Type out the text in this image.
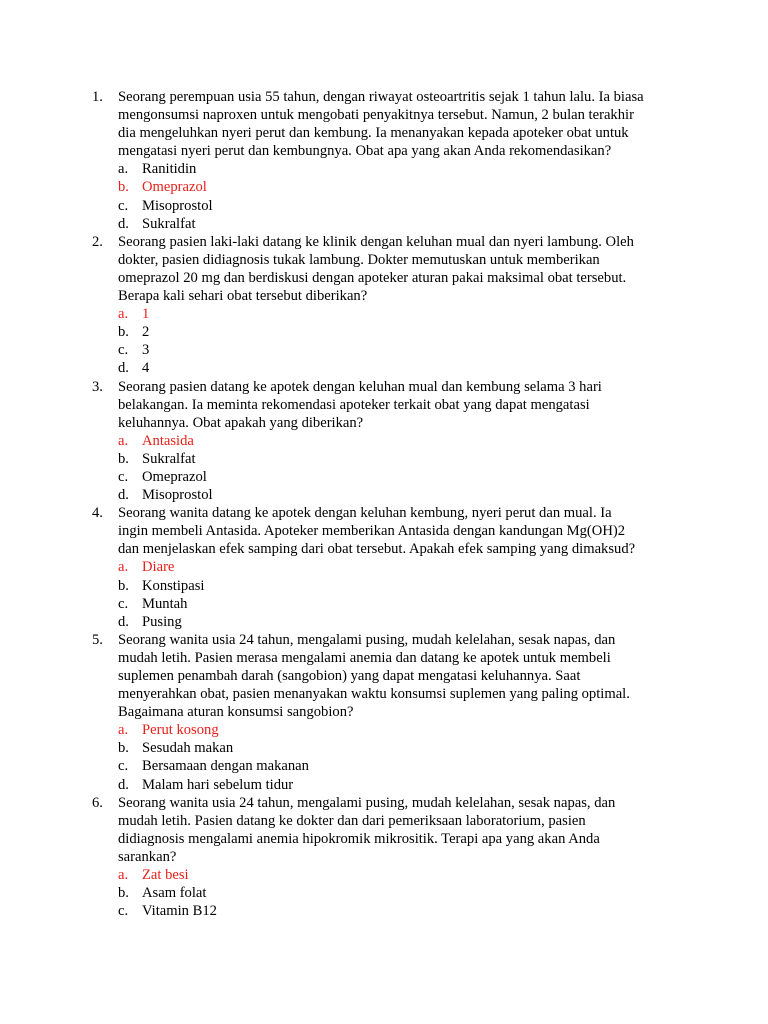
1.	Seorang perempuan usia 55 tahun, dengan riwayat osteoartritis sejak 1 tahun lalu. Ia biasa
mengonsumsi naproxen untuk mengobati penyakitnya tersebut. Namun, 2 bulan terakhir
dia mengeluhkan nyeri perut dan kembung. Ia menanyakan kepada apoteker obat untuk
mengatasi nyeri perut dan kembungnya. Obat apa yang akan Anda rekomendasikan?
a. Ranitidin
b. Omeprazol
c. Misoprostol
d. Sukralfat
2.	Seorang pasien laki-laki datang ke klinik dengan keluhan mual dan nyeri lambung. Oleh
dokter, pasien didiagnosis tukak lambung. Dokter memutuskan untuk memberikan
omeprazol 20 mg dan berdiskusi dengan apoteker aturan pakai maksimal obat tersebut.
Berapa kali sehari obat tersebut diberikan?
a. 1
b. 2
c. 3
d. 4
3.	Seorang pasien datang ke apotek dengan keluhan mual dan kembung selama 3 hari
belakangan. Ia meminta rekomendasi apoteker terkait obat yang dapat mengatasi
keluhannya. Obat apakah yang diberikan?
a. Antasida
b. Sukralfat
c. Omeprazol
d. Misoprostol
4.	Seorang wanita datang ke apotek dengan keluhan kembung, nyeri perut dan mual. Ia
ingin membeli Antasida. Apoteker memberikan Antasida dengan kandungan Mg(OH)2
dan menjelaskan efek samping dari obat tersebut. Apakah efek samping yang dimaksud?
a. Diare
b. Konstipasi
c. Muntah
d. Pusing
5.	Seorang wanita usia 24 tahun, mengalami pusing, mudah kelelahan, sesak napas, dan
mudah letih. Pasien merasa mengalami anemia dan datang ke apotek untuk membeli
suplemen penambah darah (sangobion) yang dapat mengatasi keluhannya. Saat
menyerahkan obat, pasien menanyakan waktu konsumsi suplemen yang paling optimal.
Bagaimana aturan konsumsi sangobion?
a. Perut kosong
b. Sesudah makan
c. Bersamaan dengan makanan
d. Malam hari sebelum tidur
6.	Seorang wanita usia 24 tahun, mengalami pusing, mudah kelelahan, sesak napas, dan
mudah letih. Pasien datang ke dokter dan dari pemeriksaan laboratorium, pasien
didiagnosis mengalami anemia hipokromik mikrositik. Terapi apa yang akan Anda
sarankan?
a. Zat besi
b. Asam folat
c. Vitamin B12
